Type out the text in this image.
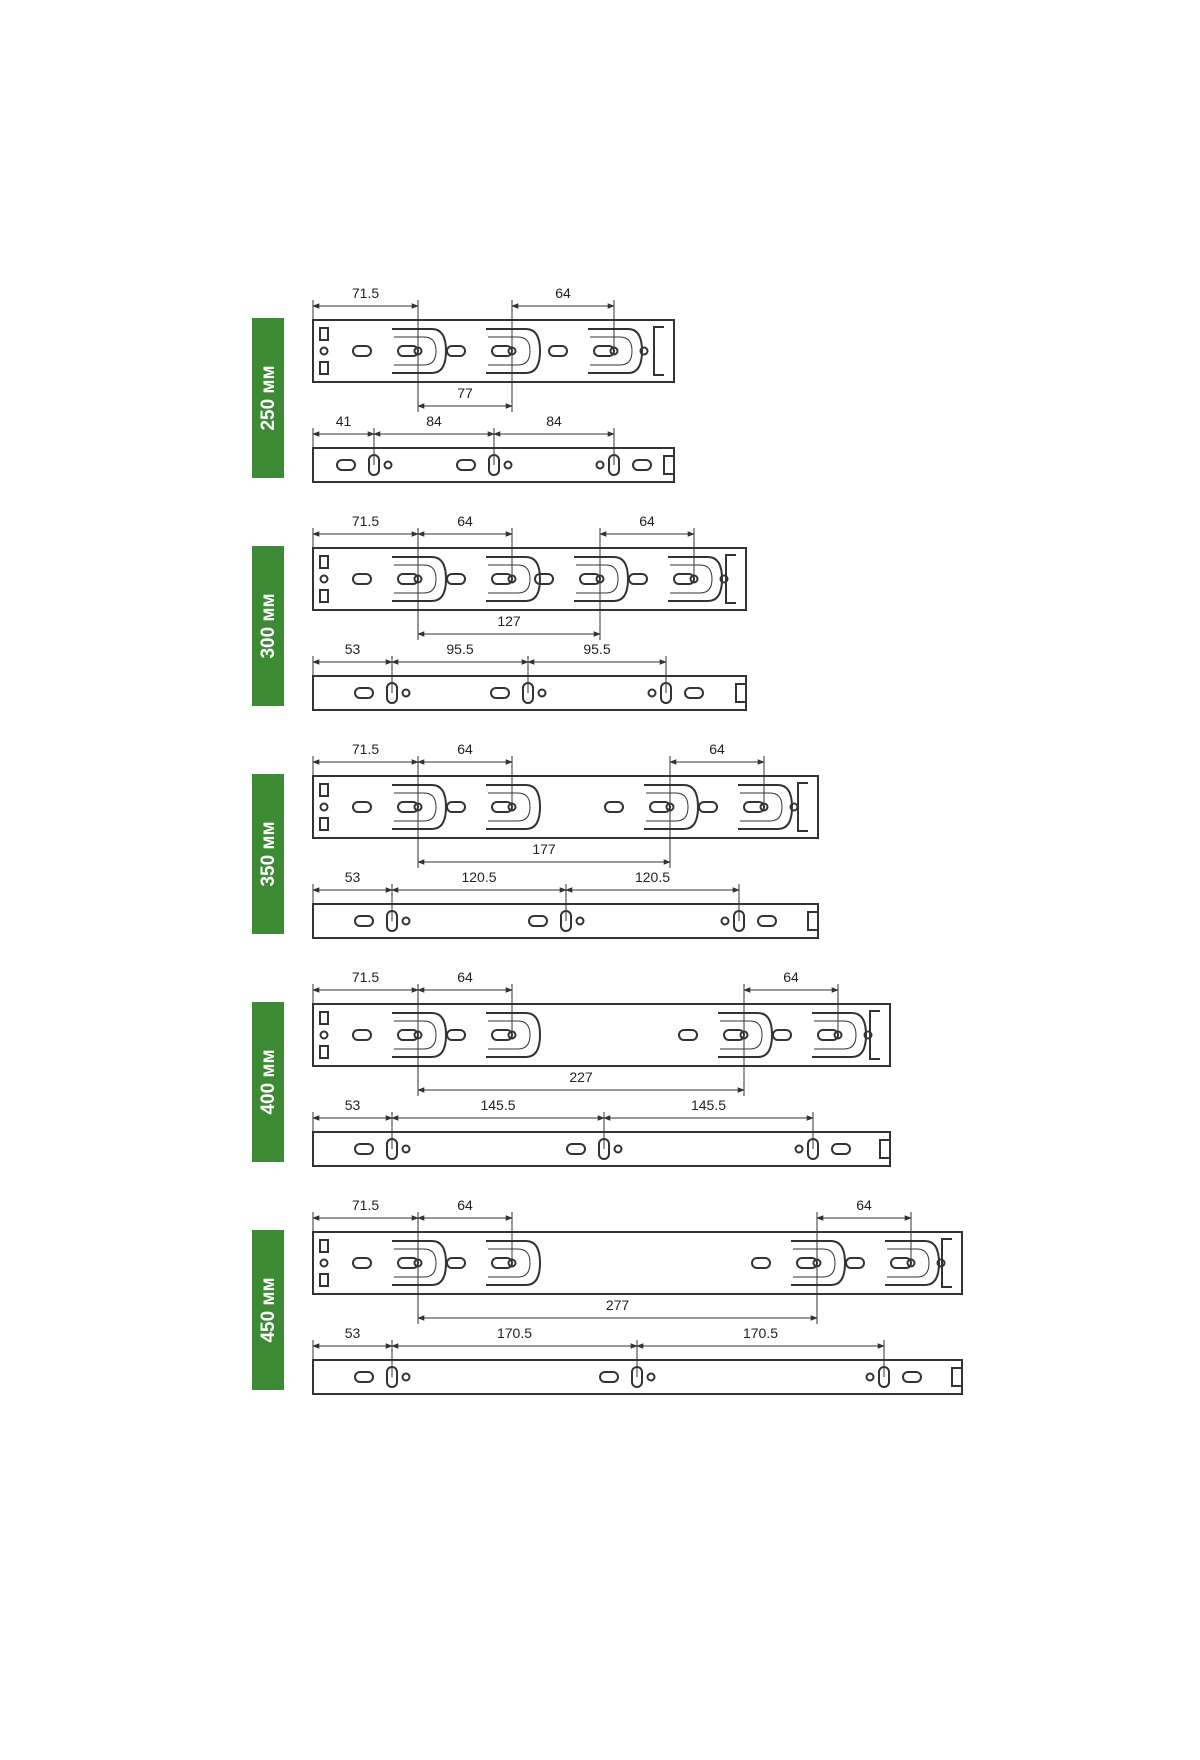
250 мм
71.5	64
77
41	84	84
300 мм
71.5	64	64
127
53	95.5	95.5
350 мм
71.5	64	64
177
53	120.5	120.5
400 мм
71.5	64	64
227
53	145.5	145.5
450 мм
71.5	64	64
277
53	170.5	170.5
